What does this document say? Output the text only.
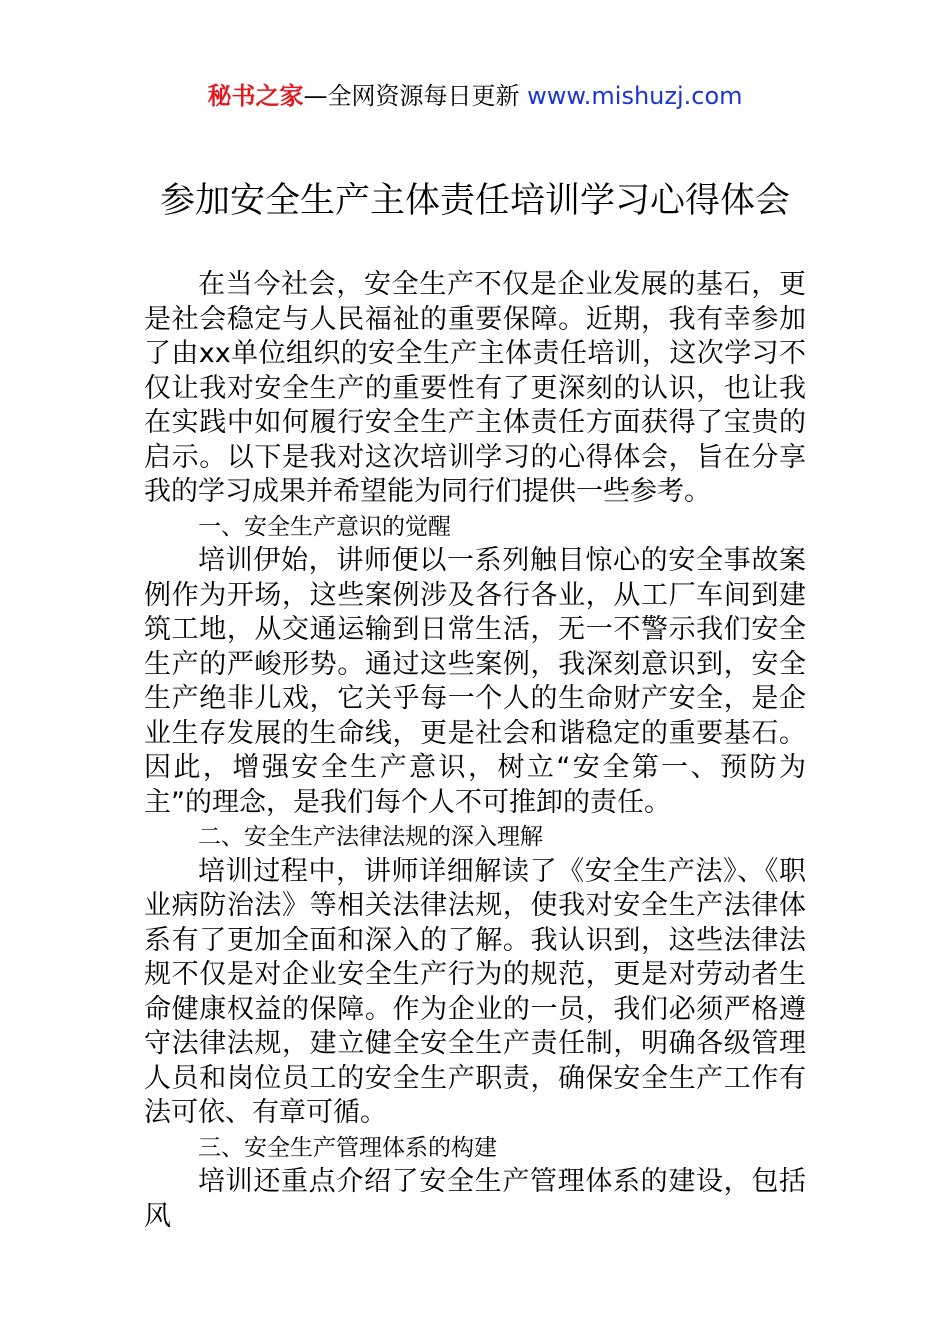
秘书之家—全网资源每日更新 www.mishuzj.com
参加安全生产主体责任培训学习心得体会

在当今社会，安全生产不仅是企业发展的基石，更是社会稳定与人民福祉的重要保障。近期，我有幸参加了由xx单位组织的安全生产主体责任培训，这次学习不仅让我对安全生产的重要性有了更深刻的认识，也让我在实践中如何履行安全生产主体责任方面获得了宝贵的启示。以下是我对这次培训学习的心得体会，旨在分享我的学习成果并希望能为同行们提供一些参考。

一、安全生产意识的觉醒

培训伊始，讲师便以一系列触目惊心的安全事故案例作为开场，这些案例涉及各行各业，从工厂车间到建筑工地，从交通运输到日常生活，无一不警示我们安全生产的严峻形势。通过这些案例，我深刻意识到，安全生产绝非儿戏，它关乎每一个人的生命财产安全，是企业生存发展的生命线，更是社会和谐稳定的重要基石。因此，增强安全生产意识，树立“安全第一、预防为主”的理念，是我们每个人不可推卸的责任。

二、安全生产法律法规的深入理解

培训过程中，讲师详细解读了《安全生产法》、《职业病防治法》等相关法律法规，使我对安全生产法律体系有了更加全面和深入的了解。我认识到，这些法律法规不仅是对企业安全生产行为的规范，更是对劳动者生命健康权益的保障。作为企业的一员，我们必须严格遵守法律法规，建立健全安全生产责任制，明确各级管理人员和岗位员工的安全生产职责，确保安全生产工作有法可依、有章可循。

三、安全生产管理体系的构建

培训还重点介绍了安全生产管理体系的建设，包括风
